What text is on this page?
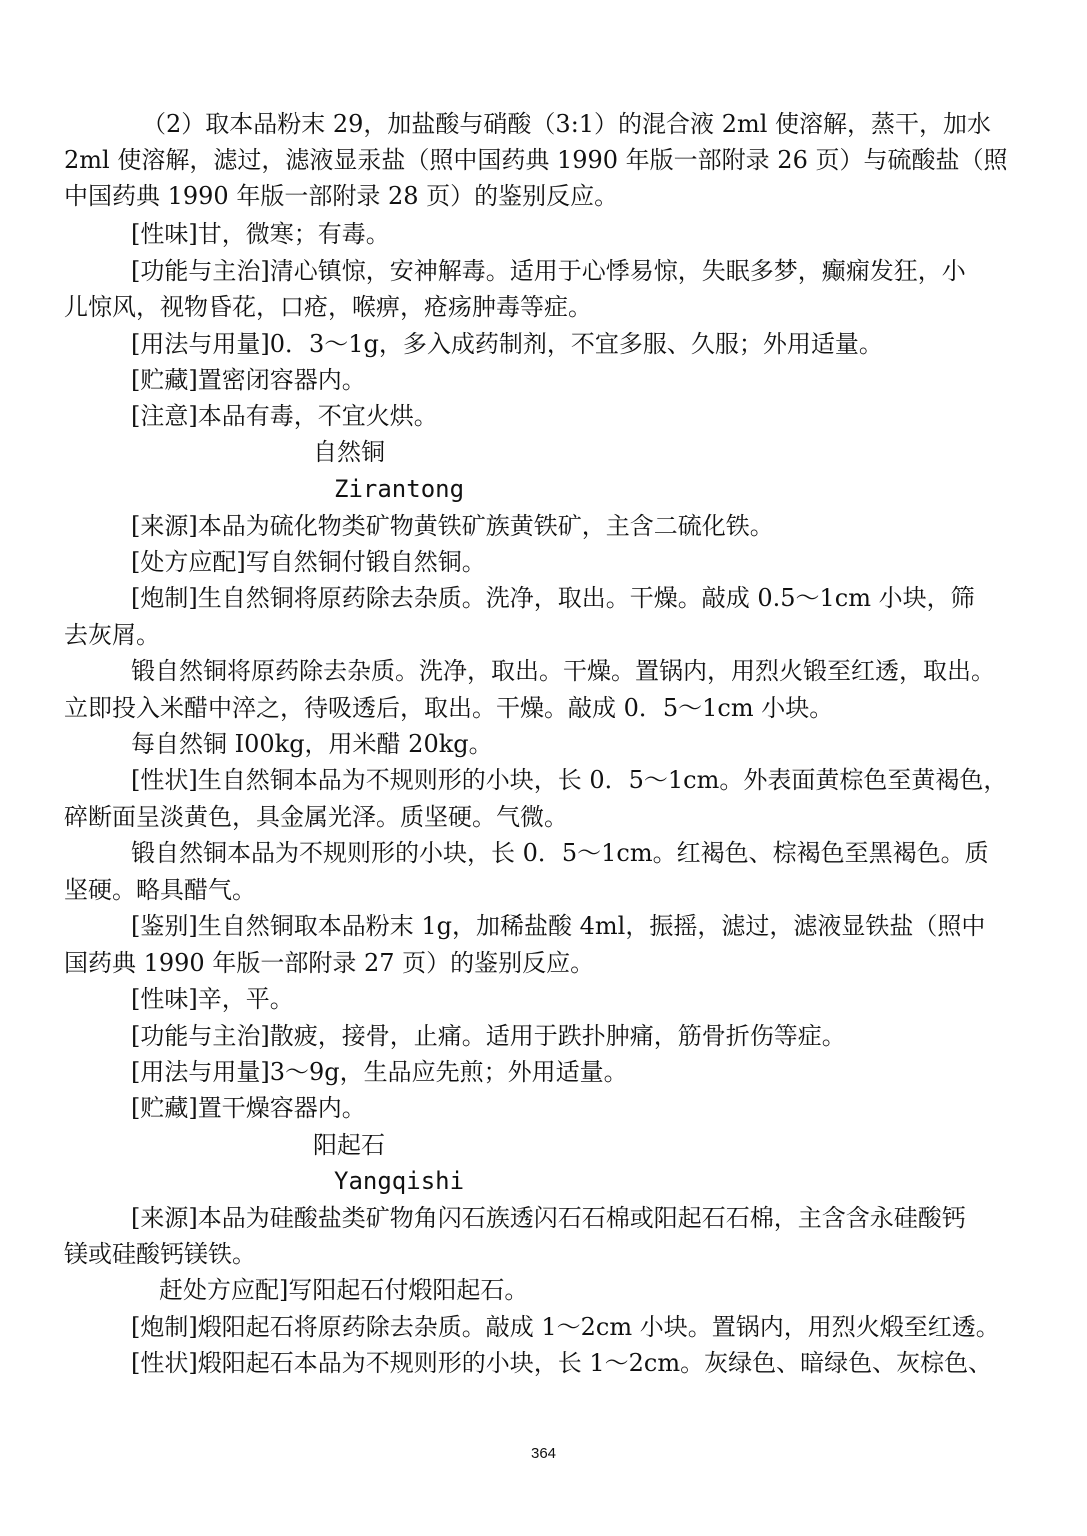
（2）取本品粉末 29，加盐酸与硝酸（3:1）的混合液 2ml 使溶解，蒸干，加水
2ml 使溶解，滤过，滤液显汞盐（照中国药典 1990 年版一部附录 26 页）与硫酸盐（照
中国药典 1990 年版一部附录 28 页）的鉴别反应。
[性味]甘，微寒；有毒。
[功能与主治]清心镇惊，安神解毒。适用于心悸易惊，失眠多梦，癫痫发狂，小
儿惊风，视物昏花，口疮，喉痹，疮疡肿毒等症。
[用法与用量]0．3～1g，多入成药制剂，不宜多服、久服；外用适量。
[贮藏]置密闭容器内。
[注意]本品有毒，不宜火烘。
自然铜
Zirantong
[来源]本品为硫化物类矿物黄铁矿族黄铁矿，主含二硫化铁。
[处方应配]写自然铜付锻自然铜。
[炮制]生自然铜将原药除去杂质。洗净，取出。干燥。敲成 0.5～1cm 小块，筛
去灰屑。
锻自然铜将原药除去杂质。洗净，取出。干燥。置锅内，用烈火锻至红透，取出。
立即投入米醋中淬之，待吸透后，取出。干燥。敲成 0．5～1cm 小块。
每自然铜 I00kg，用米醋 20kg。
[性状]生自然铜本品为不规则形的小块，长 0．5～1cm。外表面黄棕色至黄褐色，
碎断面呈淡黄色，具金属光泽。质坚硬。气微。
锻自然铜本品为不规则形的小块，长 0．5～1cm。红褐色、棕褐色至黑褐色。质
坚硬。略具醋气。
[鉴别]生自然铜取本品粉末 1g，加稀盐酸 4ml，振摇，滤过，滤液显铁盐（照中
国药典 1990 年版一部附录 27 页）的鉴别反应。
[性味]辛，平。
[功能与主治]散疲，接骨，止痛。适用于跌扑肿痛，筋骨折伤等症。
[用法与用量]3～9g，生品应先煎；外用适量。
[贮藏]置干燥容器内。
阳起石
Yangqishi
[来源]本品为硅酸盐类矿物角闪石族透闪石石棉或阳起石石棉，主含含永硅酸钙
镁或硅酸钙镁铁。
赶处方应配]写阳起石付煅阳起石。
[炮制]煅阳起石将原药除去杂质。敲成 1～2cm 小块。置锅内，用烈火煅至红透。
[性状]煅阳起石本品为不规则形的小块，长 1～2cm。灰绿色、暗绿色、灰棕色、
364
